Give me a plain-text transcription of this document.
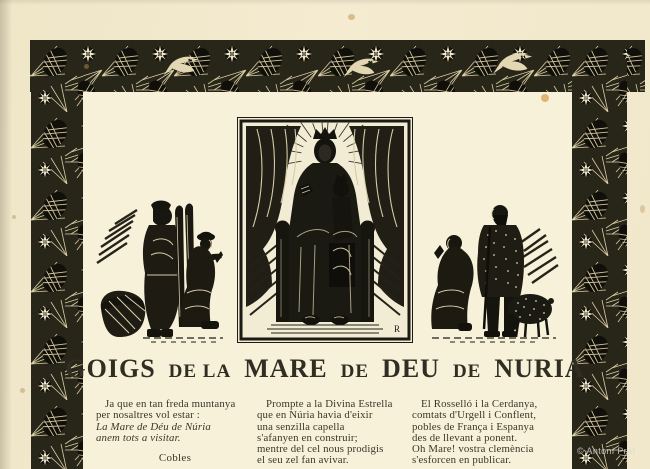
R
GOIGS DE LA MARE DE DEU DE NURIA
Ja que en tan freda muntanya
per nosaltres vol estar :
La Mare de Déu de Núria
anem tots a visitar.
Cobles
Prompte a la Divina Estrella
que en Núria havia d'eixir
una senzilla capella
s'afanyen en construir;
mentre del cel nous prodigis
el seu zel fan avivar.
El Rosselló i la Cerdanya,
comtats d'Urgell i Conflent,
pobles de França i Espanya
des de llevant a ponent.
Oh Mare! vostra clemència
s'esforcen en publicar.
© Antoni Prat
